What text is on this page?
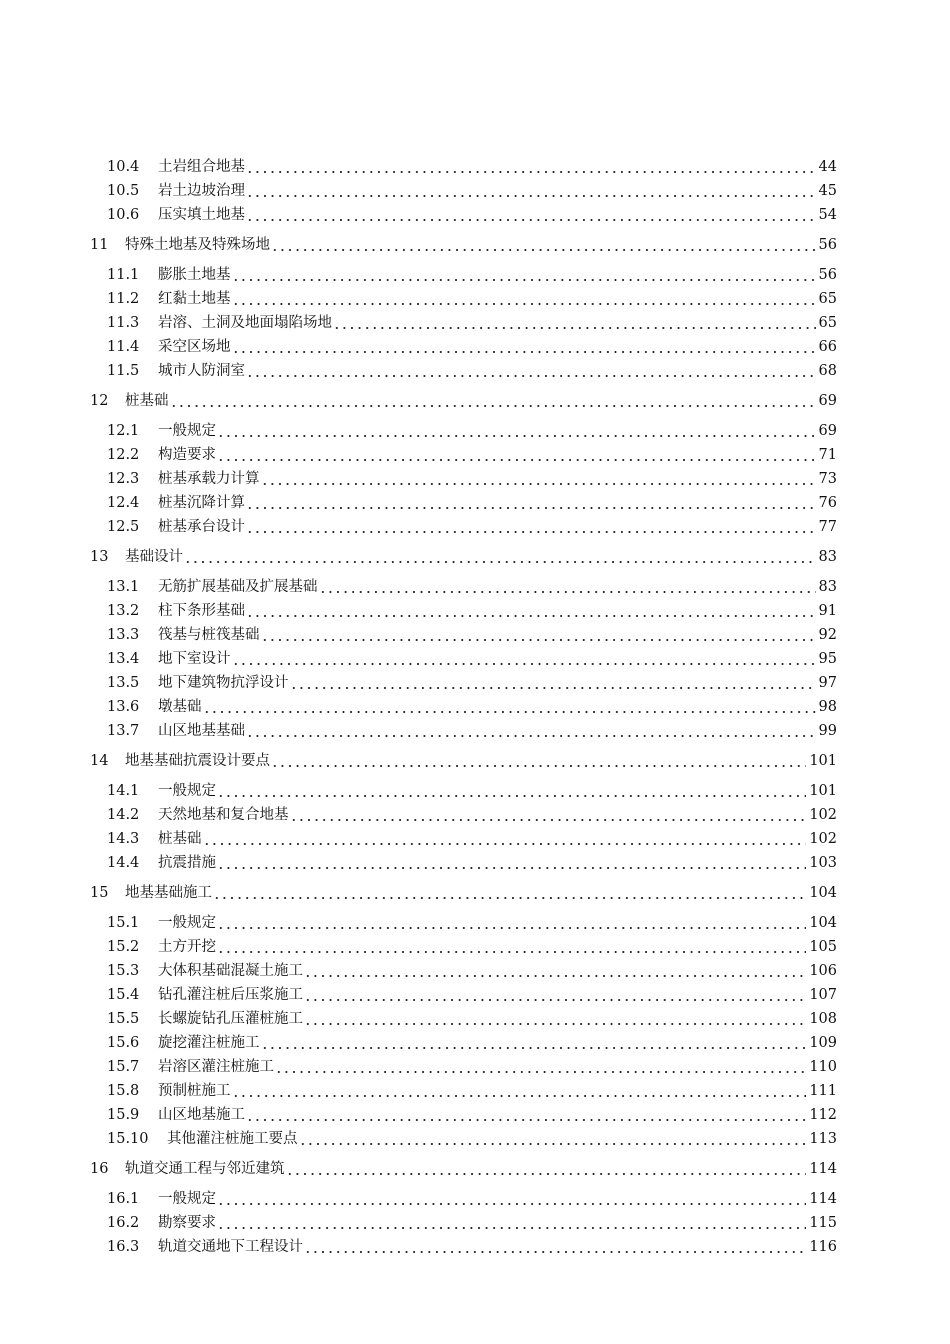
10.4 土岩组合地基	44
10.5 岩土边坡治理	45
10.6 压实填土地基	54
11 特殊土地基及特殊场地	56
11.1 膨胀土地基	56
11.2 红黏土地基	65
11.3 岩溶、土洞及地面塌陷场地	65
11.4 采空区场地	66
11.5 城市人防洞室	68
12 桩基础	69
12.1 一般规定	69
12.2 构造要求	71
12.3 桩基承载力计算	73
12.4 桩基沉降计算	76
12.5 桩基承台设计	77
13 基础设计	83
13.1 无筋扩展基础及扩展基础	83
13.2 柱下条形基础	91
13.3 筏基与桩筏基础	92
13.4 地下室设计	95
13.5 地下建筑物抗浮设计	97
13.6 墩基础	98
13.7 山区地基基础	99
14 地基基础抗震设计要点	101
14.1 一般规定	101
14.2 天然地基和复合地基	102
14.3 桩基础	102
14.4 抗震措施	103
15 地基基础施工	104
15.1 一般规定	104
15.2 土方开挖	105
15.3 大体积基础混凝土施工	106
15.4 钻孔灌注桩后压浆施工	107
15.5 长螺旋钻孔压灌桩施工	108
15.6 旋挖灌注桩施工	109
15.7 岩溶区灌注桩施工	110
15.8 预制桩施工	111
15.9 山区地基施工	112
15.10 其他灌注桩施工要点	113
16 轨道交通工程与邻近建筑	114
16.1 一般规定	114
16.2 勘察要求	115
16.3 轨道交通地下工程设计	116
